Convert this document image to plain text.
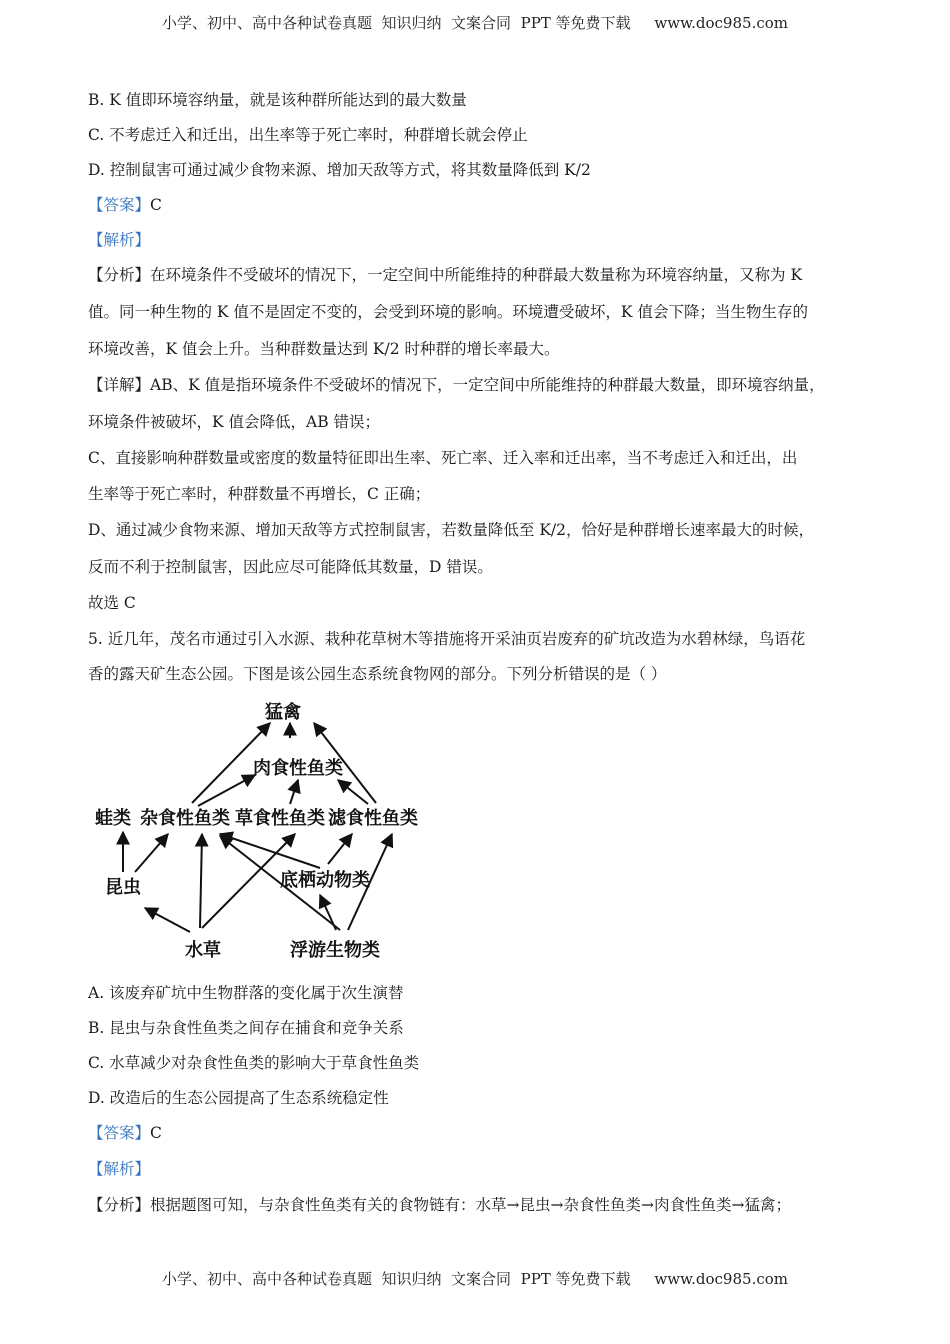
小学、初中、高中各种试卷真题  知识归纳  文案合同  PPT 等免费下载     www.doc985.com
B. K 值即环境容纳量，就是该种群所能达到的最大数量
C. 不考虑迁入和迁出，出生率等于死亡率时，种群增长就会停止
D. 控制鼠害可通过减少食物来源、增加天敌等方式，将其数量降低到 K/2
【答案】C
【解析】
【分析】在环境条件不受破坏的情况下，一定空间中所能维持的种群最大数量称为环境容纳量，又称为 K
值。同一种生物的 K 值不是固定不变的，会受到环境的影响。环境遭受破坏，K 值会下降；当生物生存的
环境改善，K 值会上升。当种群数量达到 K/2 时种群的增长率最大。
【详解】AB、K 值是指环境条件不受破坏的情况下，一定空间中所能维持的种群最大数量，即环境容纳量，
环境条件被破坏，K 值会降低，AB 错误；
C、直接影响种群数量或密度的数量特征即出生率、死亡率、迁入率和迁出率，当不考虑迁入和迁出，出
生率等于死亡率时，种群数量不再增长，C 正确；
D、通过减少食物来源、增加天敌等方式控制鼠害，若数量降低至 K/2，恰好是种群增长速率最大的时候，
反而不利于控制鼠害，因此应尽可能降低其数量，D 错误。
故选 C
5. 近几年，茂名市通过引入水源、栽种花草树木等措施将开采油页岩废弃的矿坑改造为水碧林绿，鸟语花
香的露天矿生态公园。下图是该公园生态系统食物网的部分。下列分析错误的是（ ）
猛禽
肉食性鱼类
蛙类 杂食性鱼类 草食性鱼类 滤食性鱼类
昆虫	底栖动物类
水草	浮游生物类
A. 该废弃矿坑中生物群落的变化属于次生演替
B. 昆虫与杂食性鱼类之间存在捕食和竞争关系
C. 水草减少对杂食性鱼类的影响大于草食性鱼类
D. 改造后的生态公园提高了生态系统稳定性
【答案】C
【解析】
【分析】根据题图可知，与杂食性鱼类有关的食物链有：水草→昆虫→杂食性鱼类→肉食性鱼类→猛禽；
小学、初中、高中各种试卷真题  知识归纳  文案合同  PPT 等免费下载     www.doc985.com
